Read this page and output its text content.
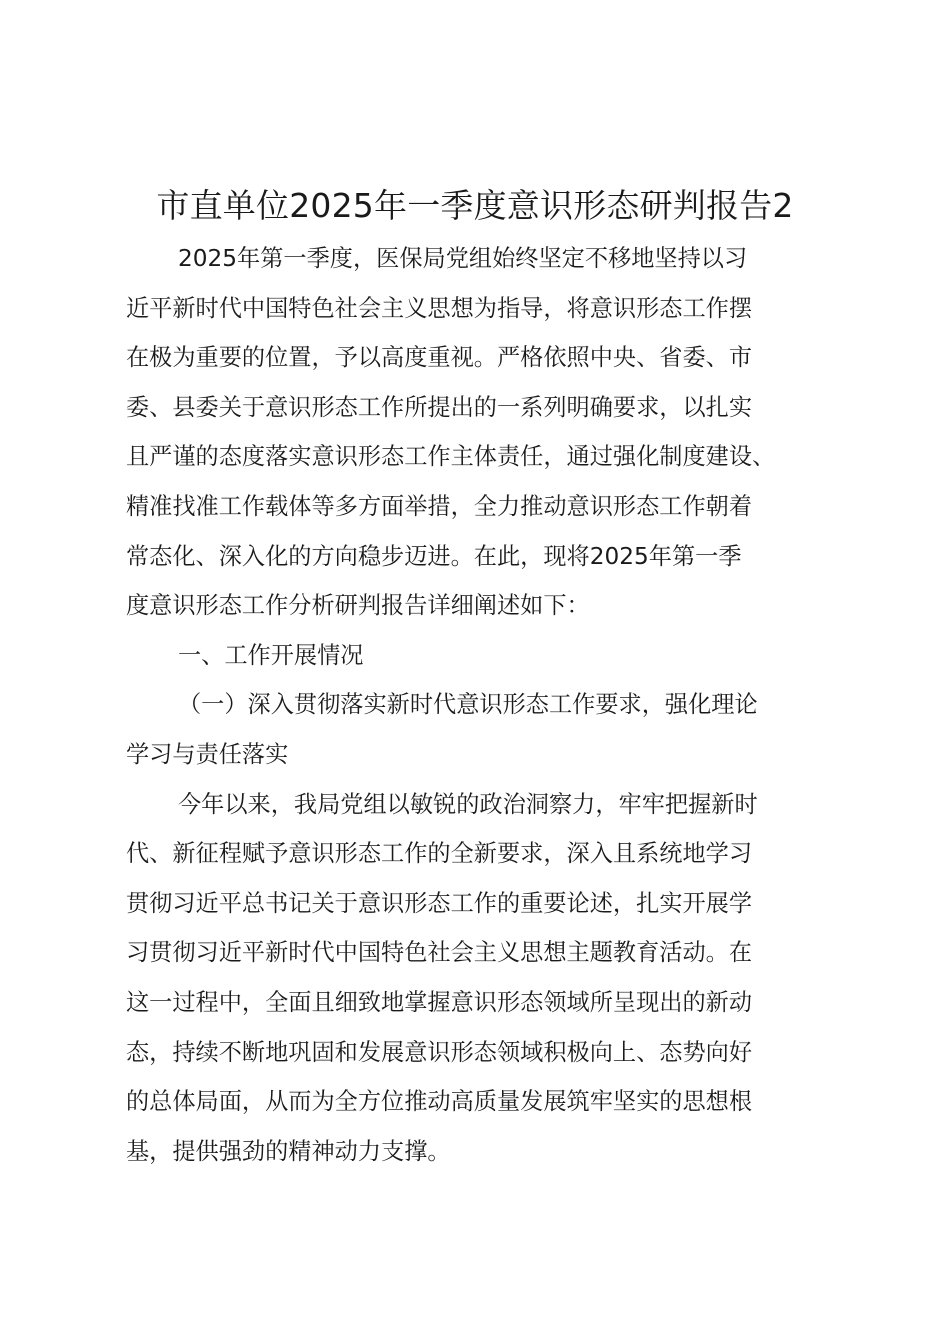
市直单位2025年一季度意识形态研判报告2
2025年第一季度，医保局党组始终坚定不移地坚持以习
近平新时代中国特色社会主义思想为指导，将意识形态工作摆
在极为重要的位置，予以高度重视。严格依照中央、省委、市
委、县委关于意识形态工作所提出的一系列明确要求，以扎实
且严谨的态度落实意识形态工作主体责任，通过强化制度建设、
精准找准工作载体等多方面举措，全力推动意识形态工作朝着
常态化、深入化的方向稳步迈进。在此，现将2025年第一季
度意识形态工作分析研判报告详细阐述如下：
一、工作开展情况
（一）深入贯彻落实新时代意识形态工作要求，强化理论
学习与责任落实
今年以来，我局党组以敏锐的政治洞察力，牢牢把握新时
代、新征程赋予意识形态工作的全新要求，深入且系统地学习
贯彻习近平总书记关于意识形态工作的重要论述，扎实开展学
习贯彻习近平新时代中国特色社会主义思想主题教育活动。在
这一过程中，全面且细致地掌握意识形态领域所呈现出的新动
态，持续不断地巩固和发展意识形态领域积极向上、态势向好
的总体局面，从而为全方位推动高质量发展筑牢坚实的思想根
基，提供强劲的精神动力支撑。
